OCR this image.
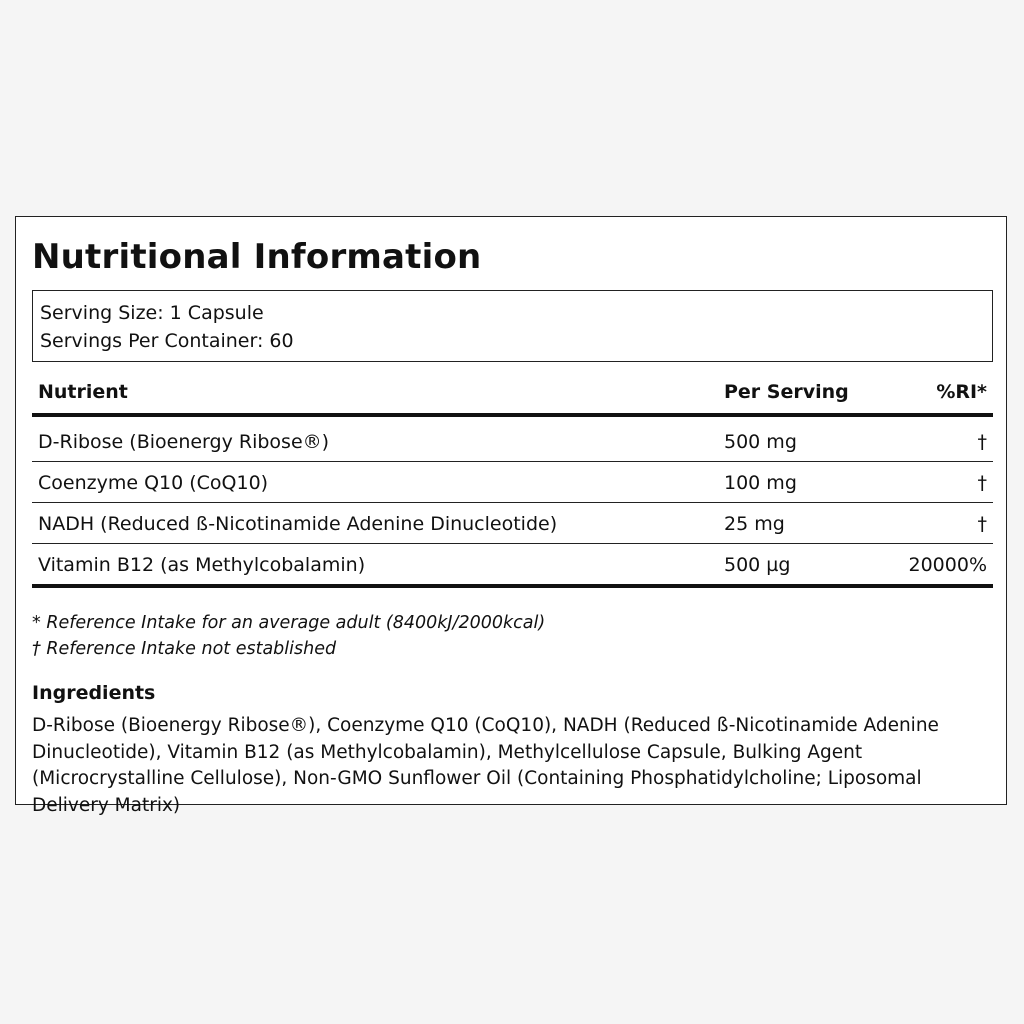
Nutritional Information
Serving Size: 1 Capsule
Servings Per Container: 60
Nutrient	Per Serving	%RI*
D-Ribose (Bioenergy Ribose®)	500 mg	†
Coenzyme Q10 (CoQ10)	100 mg	†
NADH (Reduced ß-Nicotinamide Adenine Dinucleotide)	25 mg	†
Vitamin B12 (as Methylcobalamin)	500 µg	20000%
* Reference Intake for an average adult (8400kJ/2000kcal)
† Reference Intake not established
Ingredients
D-Ribose (Bioenergy Ribose®), Coenzyme Q10 (CoQ10), NADH (Reduced ß-Nicotinamide Adenine Dinucleotide), Vitamin B12 (as Methylcobalamin), Methylcellulose Capsule, Bulking Agent (Microcrystalline Cellulose), Non-GMO Sunflower Oil (Containing Phosphatidylcholine; Liposomal Delivery Matrix)
